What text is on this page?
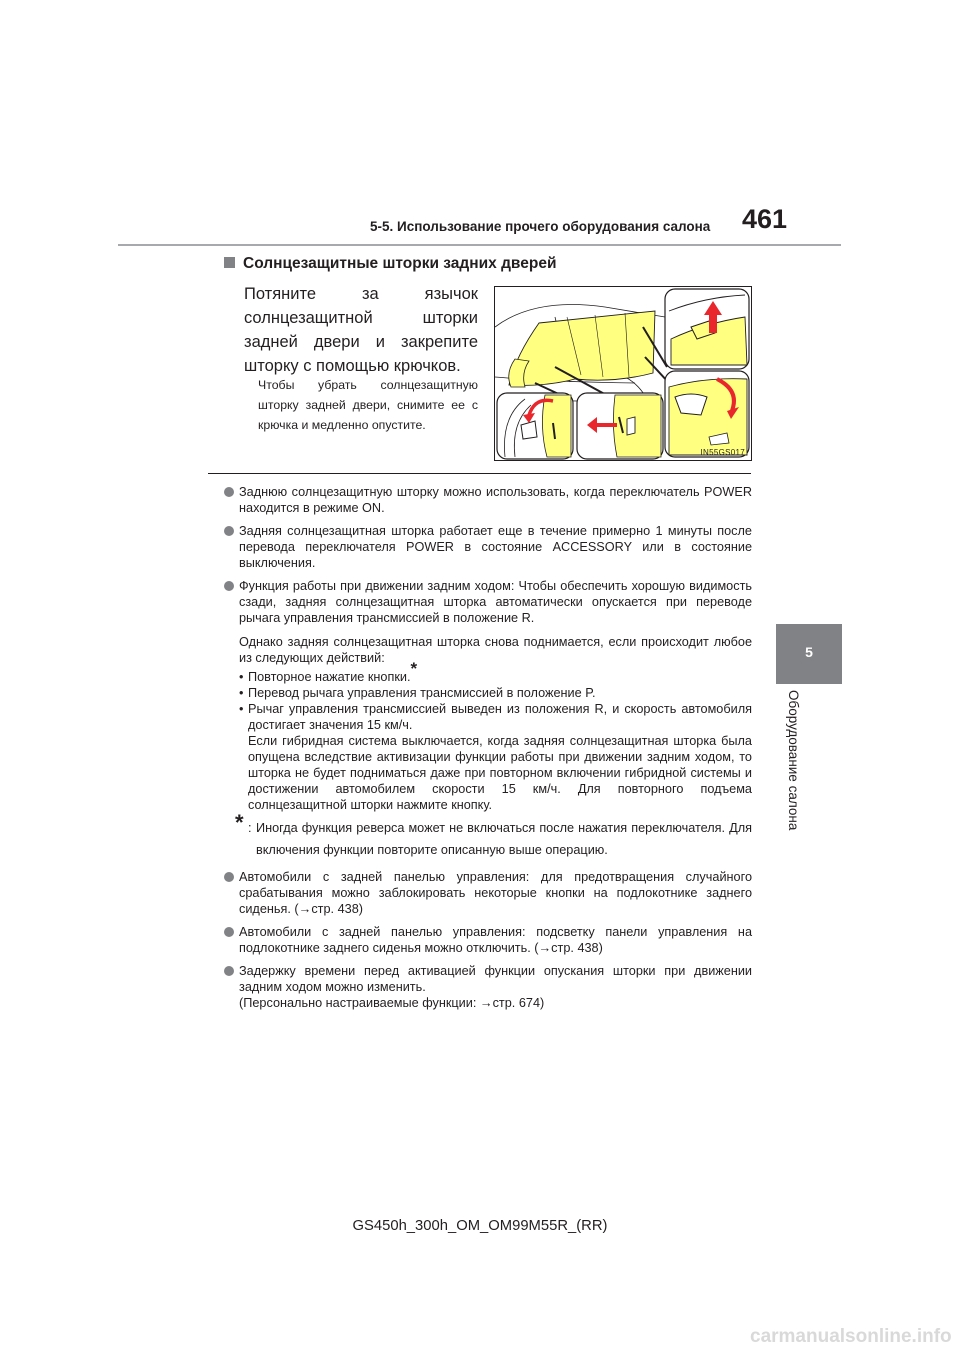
5-5. Использование прочего оборудования салона 461
5
Оборудование салона
Солнцезащитные шторки задних дверей
Потяните за язычок солнцезащитной шторки задней двери и закрепите шторку с помощью крючков.
Чтобы убрать солнцезащитную шторку задней двери, снимите ее с крючка и медленно опустите.
IN55GS017
Заднюю солнцезащитную шторку можно использовать, когда переключатель POWER находится в режиме ON.
Задняя солнцезащитная шторка работает еще в течение примерно 1 минуты после перевода переключателя POWER в состояние ACCESSORY или в состояние выключения.
Функция работы при движении задним ходом: Чтобы обеспечить хорошую видимость сзади, задняя солнцезащитная шторка автоматически опускается при переводе рычага управления трансмиссией в положение R.
Однако задняя солнцезащитная шторка снова поднимается, если происходит любое из следующих действий:
• Повторное нажатие кнопки.*
• Перевод рычага управления трансмиссией в положение P.
• Рычаг управления трансмиссией выведен из положения R, и скорость автомобиля достигает значения 15 км/ч.
Если гибридная система выключается, когда задняя солнцезащитная шторка была опущена вследствие активизации функции работы при движении задним ходом, то шторка не будет подниматься даже при повторном включении гибридной системы и достижении автомобилем скорости 15 км/ч. Для повторного подъема солнцезащитной шторки нажмите кнопку.
* : Иногда функция реверса может не включаться после нажатия переключателя. Для включения функции повторите описанную выше операцию.
Автомобили с задней панелью управления: для предотвращения случайного срабатывания можно заблокировать некоторые кнопки на подлокотнике заднего сиденья. (→стр. 438)
Автомобили с задней панелью управления: подсветку панели управления на подлокотнике заднего сиденья можно отключить. (→стр. 438)
Задержку времени перед активацией функции опускания шторки при движении задним ходом можно изменить.
(Персонально настраиваемые функции: →стр. 674)
GS450h_300h_OM_OM99M55R_(RR)
carmanualsonline.info
